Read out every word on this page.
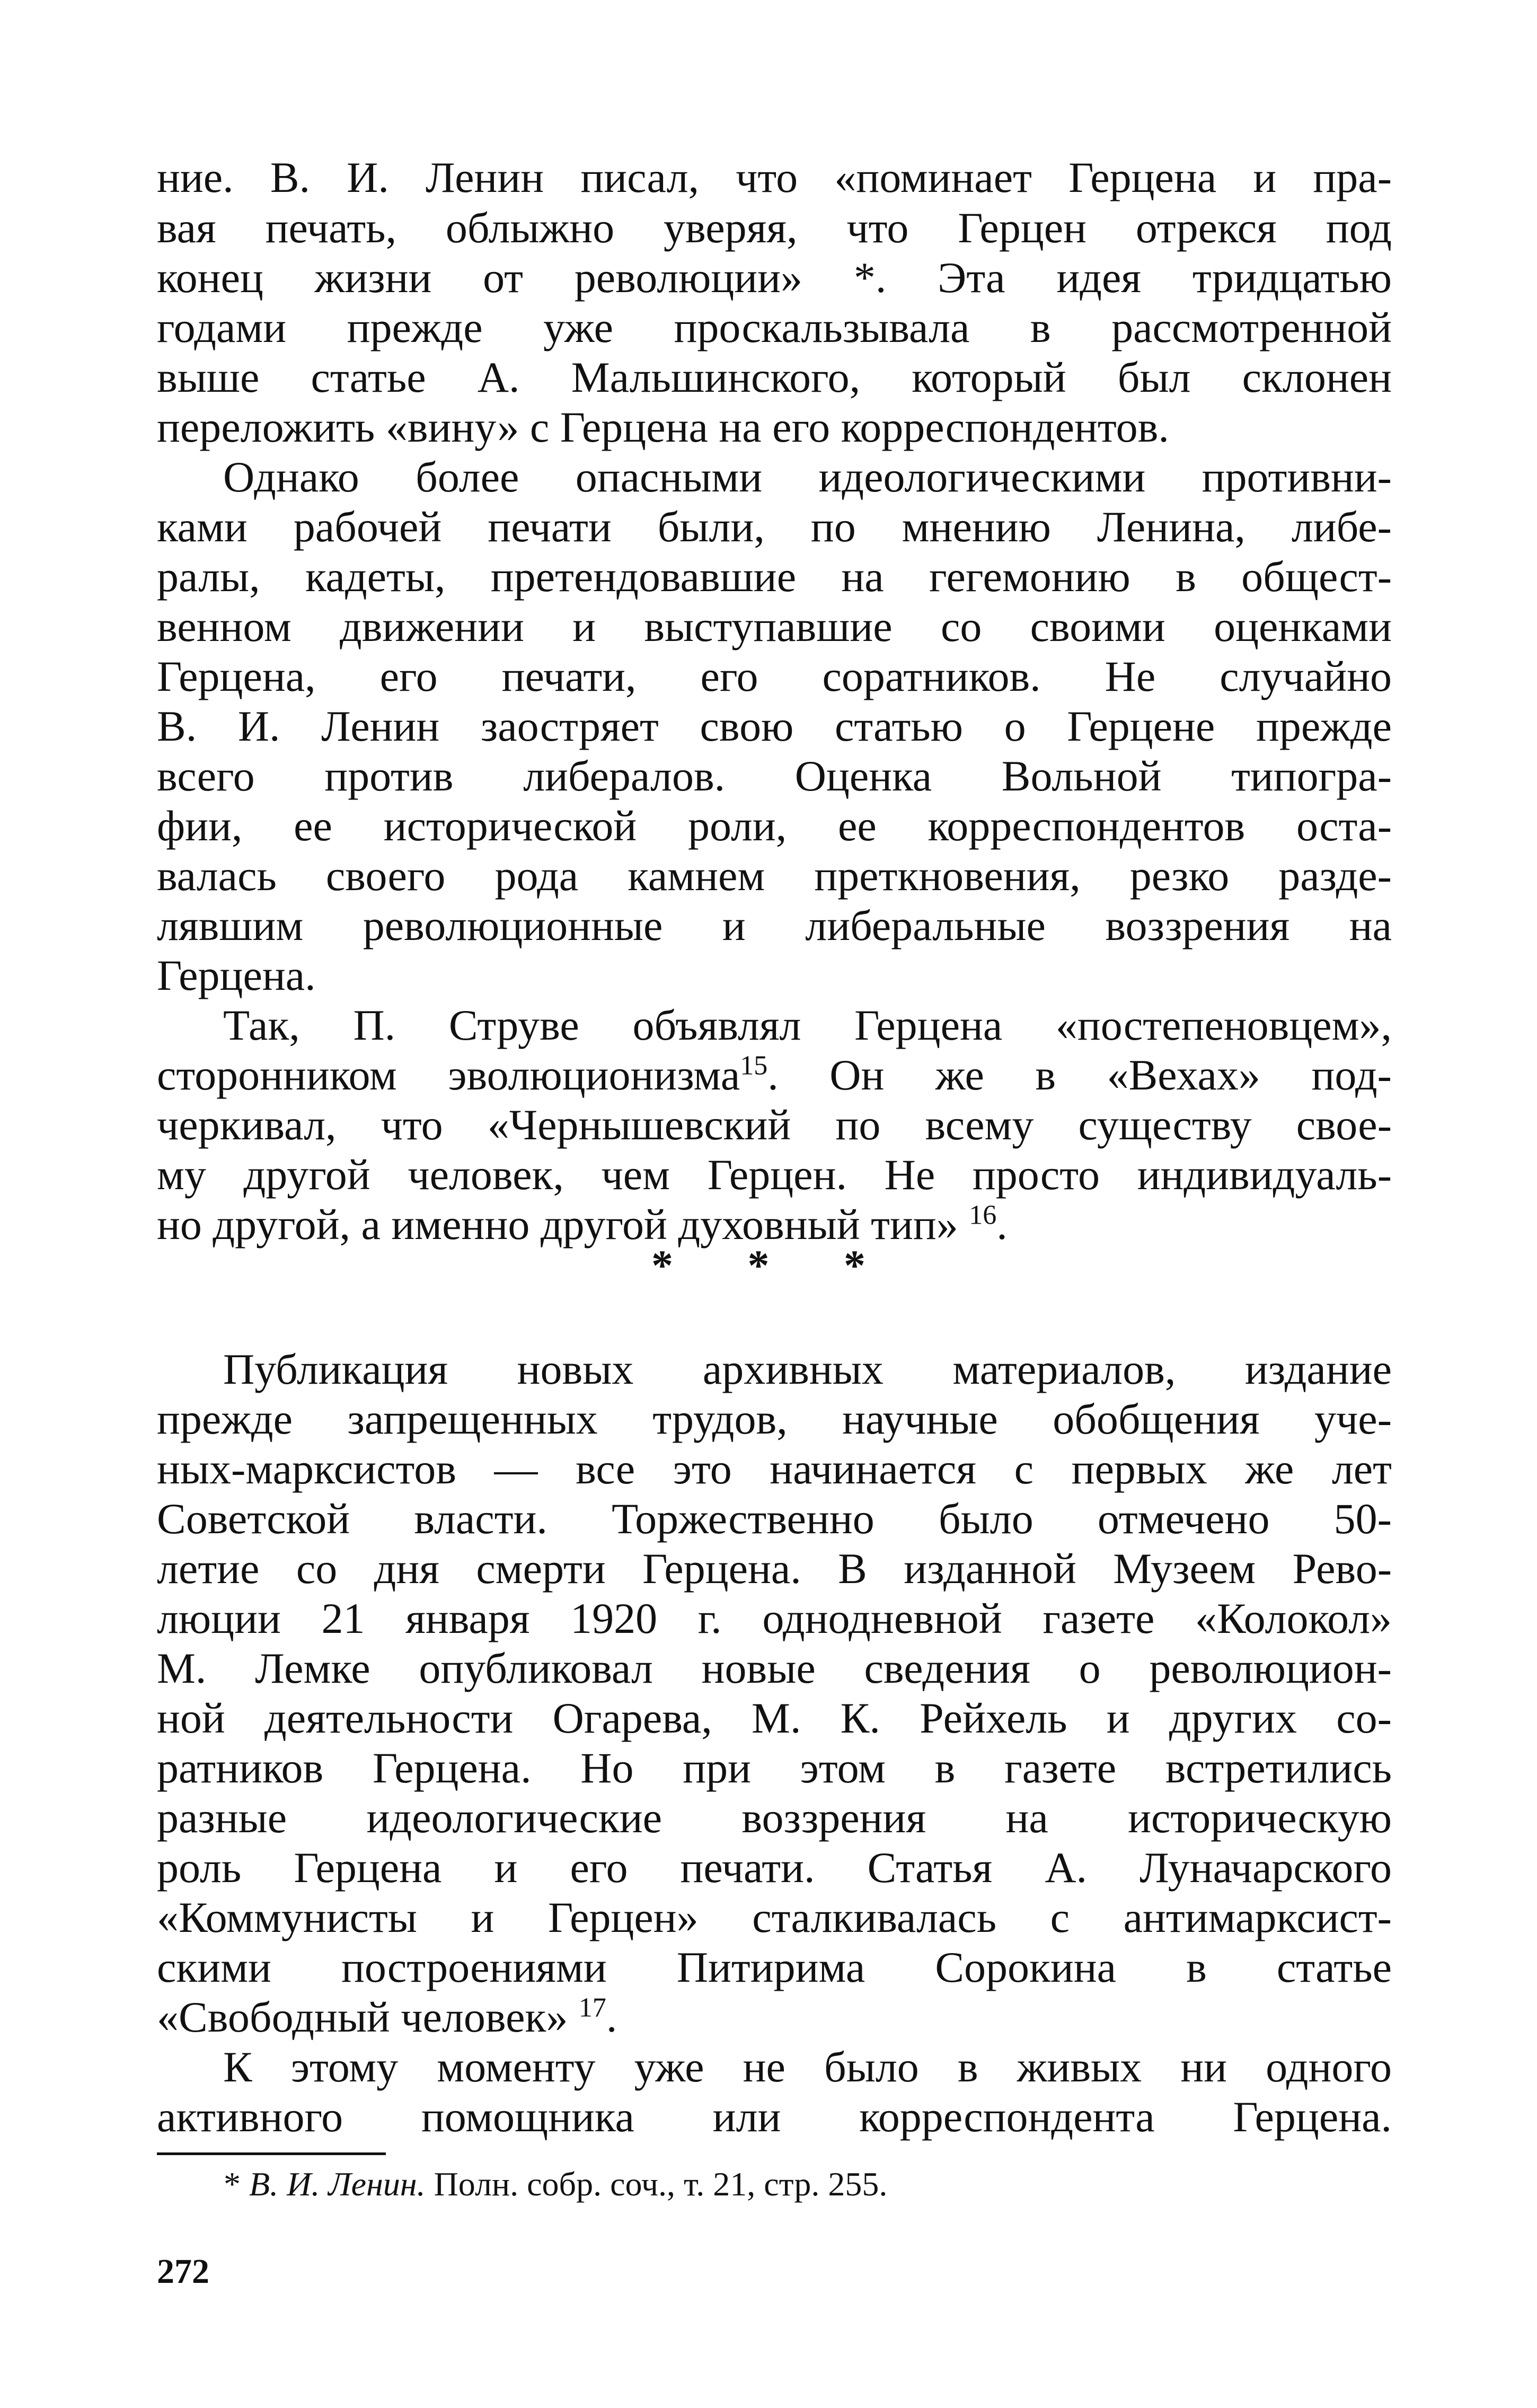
ние. В. И. Ленин писал, что «поминает Герцена и пра-
вая печать, облыжно уверяя, что Герцен отрекся под
конец жизни от революции» *. Эта идея тридцатью
годами прежде уже проскальзывала в рассмотренной
выше статье А. Мальшинского, который был склонен
переложить «вину» с Герцена на его корреспондентов.
Однако более опасными идеологическими противни-
ками рабочей печати были, по мнению Ленина, либе-
ралы, кадеты, претендовавшие на гегемонию в общест-
венном движении и выступавшие со своими оценками
Герцена, его печати, его соратников. Не случайно
В. И. Ленин заостряет свою статью о Герцене прежде
всего против либералов. Оценка Вольной типогра-
фии, ее исторической роли, ее корреспондентов оста-
валась своего рода камнем преткновения, резко разде-
лявшим революционные и либеральные воззрения на
Герцена.
Так, П. Струве объявлял Герцена «постепеновцем»,
сторонником эволюционизма$^{15}$. Он же в «Вехах» под-
черкивал, что «Чернышевский по всему существу свое-
му другой человек, чем Герцен. Не просто индивидуаль-
но другой, а именно другой духовный тип» $^{16}$.
* * *
Публикация новых архивных материалов, издание
прежде запрещенных трудов, научные обобщения уче-
ных-марксистов — все это начинается с первых же лет
Советской власти. Торжественно было отмечено 50-
летие со дня смерти Герцена. В изданной Музеем Рево-
люции 21 января 1920 г. однодневной газете «Колокол»
М. Лемке опубликовал новые сведения о революцион-
ной деятельности Огарева, М. К. Рейхель и других со-
ратников Герцена. Но при этом в газете встретились
разные идеологические воззрения на историческую
роль Герцена и его печати. Статья А. Луначарского
«Коммунисты и Герцен» сталкивалась с антимарксист-
скими построениями Питирима Сорокина в статье
«Свободный человек» $^{17}$.
К этому моменту уже не было в живых ни одного
активного помощника или корреспондента Герцена.
* В. И. Ленин. Полн. собр. соч., т. 21, стр. 255.
272
